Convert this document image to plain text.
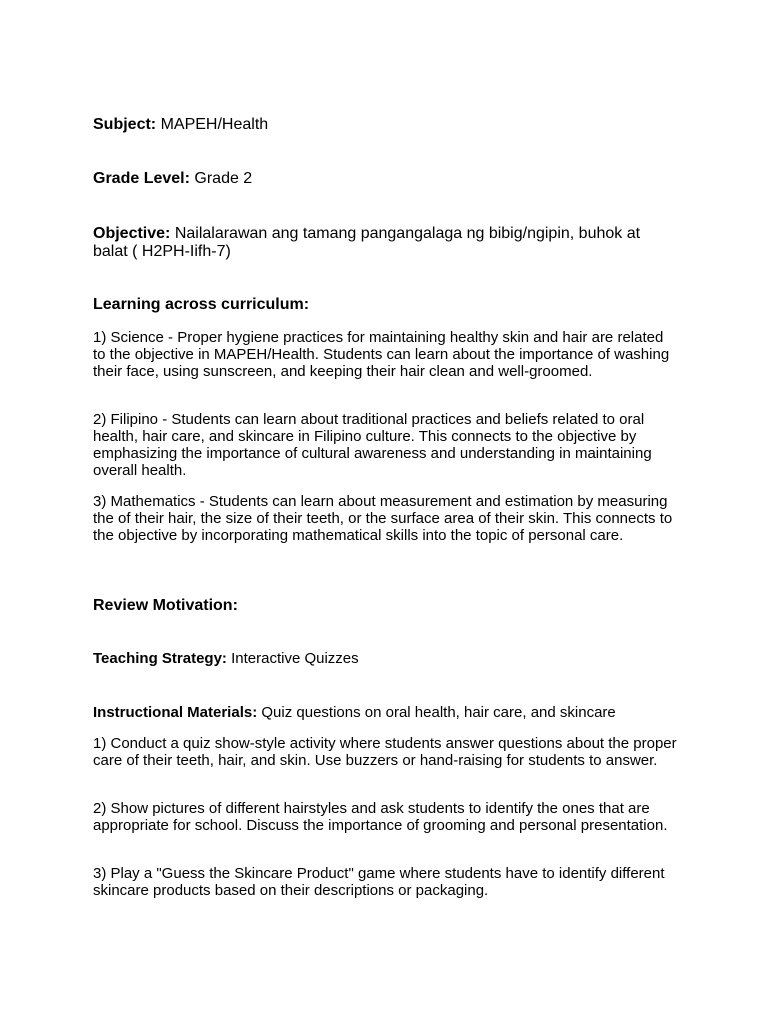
Subject: MAPEH/Health

Grade Level: Grade 2

Objective: Nailalarawan ang tamang pangangalaga ng bibig/ngipin, buhok at balat ( H2PH-Iifh-7)

Learning across curriculum:

1) Science - Proper hygiene practices for maintaining healthy skin and hair are related to the objective in MAPEH/Health. Students can learn about the importance of washing their face, using sunscreen, and keeping their hair clean and well-groomed.

2) Filipino - Students can learn about traditional practices and beliefs related to oral health, hair care, and skincare in Filipino culture. This connects to the objective by emphasizing the importance of cultural awareness and understanding in maintaining overall health.

3) Mathematics - Students can learn about measurement and estimation by measuring the of their hair, the size of their teeth, or the surface area of their skin. This connects to the objective by incorporating mathematical skills into the topic of personal care.

Review Motivation:

Teaching Strategy: Interactive Quizzes

Instructional Materials: Quiz questions on oral health, hair care, and skincare

1) Conduct a quiz show-style activity where students answer questions about the proper care of their teeth, hair, and skin. Use buzzers or hand-raising for students to answer.

2) Show pictures of different hairstyles and ask students to identify the ones that are appropriate for school. Discuss the importance of grooming and personal presentation.

3) Play a "Guess the Skincare Product" game where students have to identify different skincare products based on their descriptions or packaging.
